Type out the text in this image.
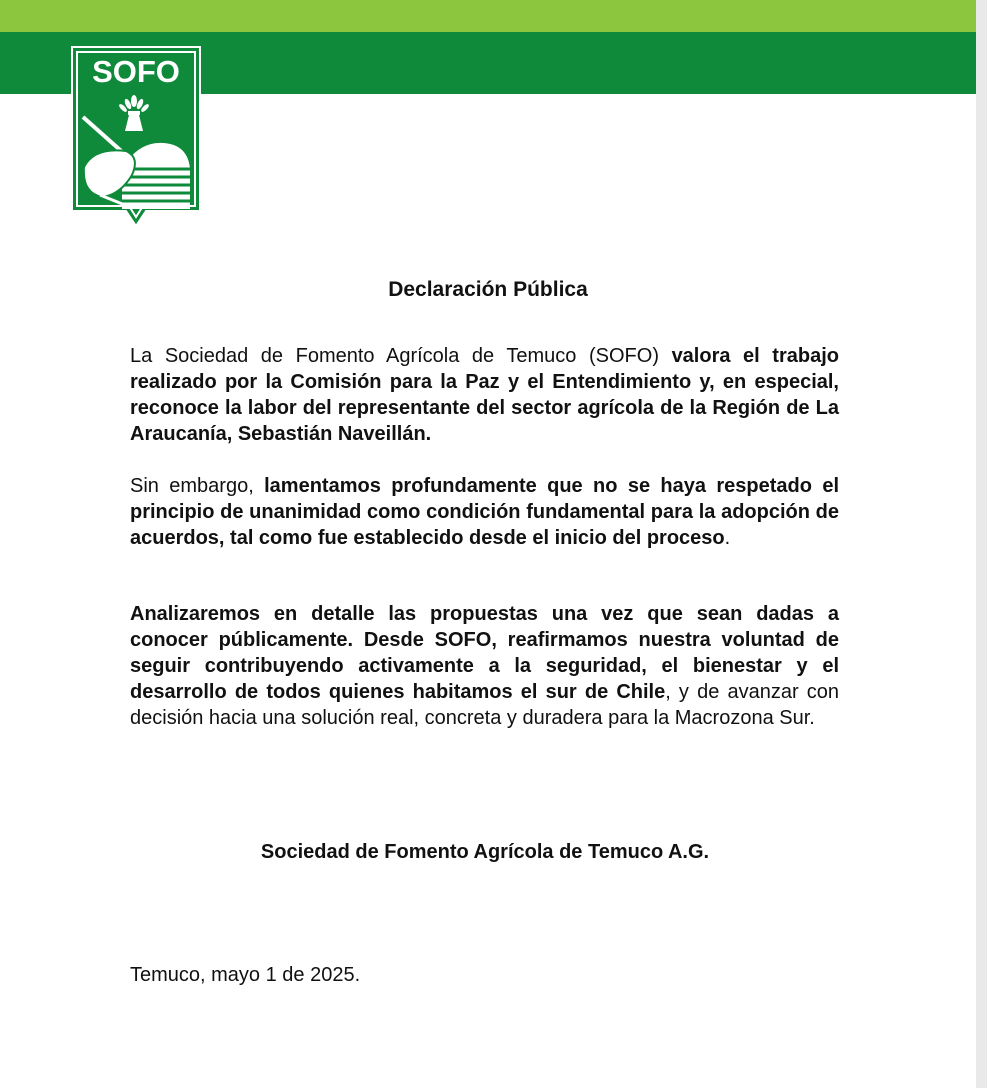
SOFO
Declaración Pública

La Sociedad de Fomento Agrícola de Temuco (SOFO) valora el trabajo realizado por la Comisión para la Paz y el Entendimiento y, en especial, reconoce la labor del representante del sector agrícola de la Región de La Araucanía, Sebastián Naveillán.

Sin embargo, lamentamos profundamente que no se haya respetado el principio de unanimidad como condición fundamental para la adopción de acuerdos, tal como fue establecido desde el inicio del proceso.

Analizaremos en detalle las propuestas una vez que sean dadas a conocer públicamente. Desde SOFO, reafirmamos nuestra voluntad de seguir contribuyendo activamente a la seguridad, el bienestar y el desarrollo de todos quienes habitamos el sur de Chile, y de avanzar con decisión hacia una solución real, concreta y duradera para la Macrozona Sur.

Sociedad de Fomento Agrícola de Temuco A.G.
Temuco, mayo 1 de 2025.
